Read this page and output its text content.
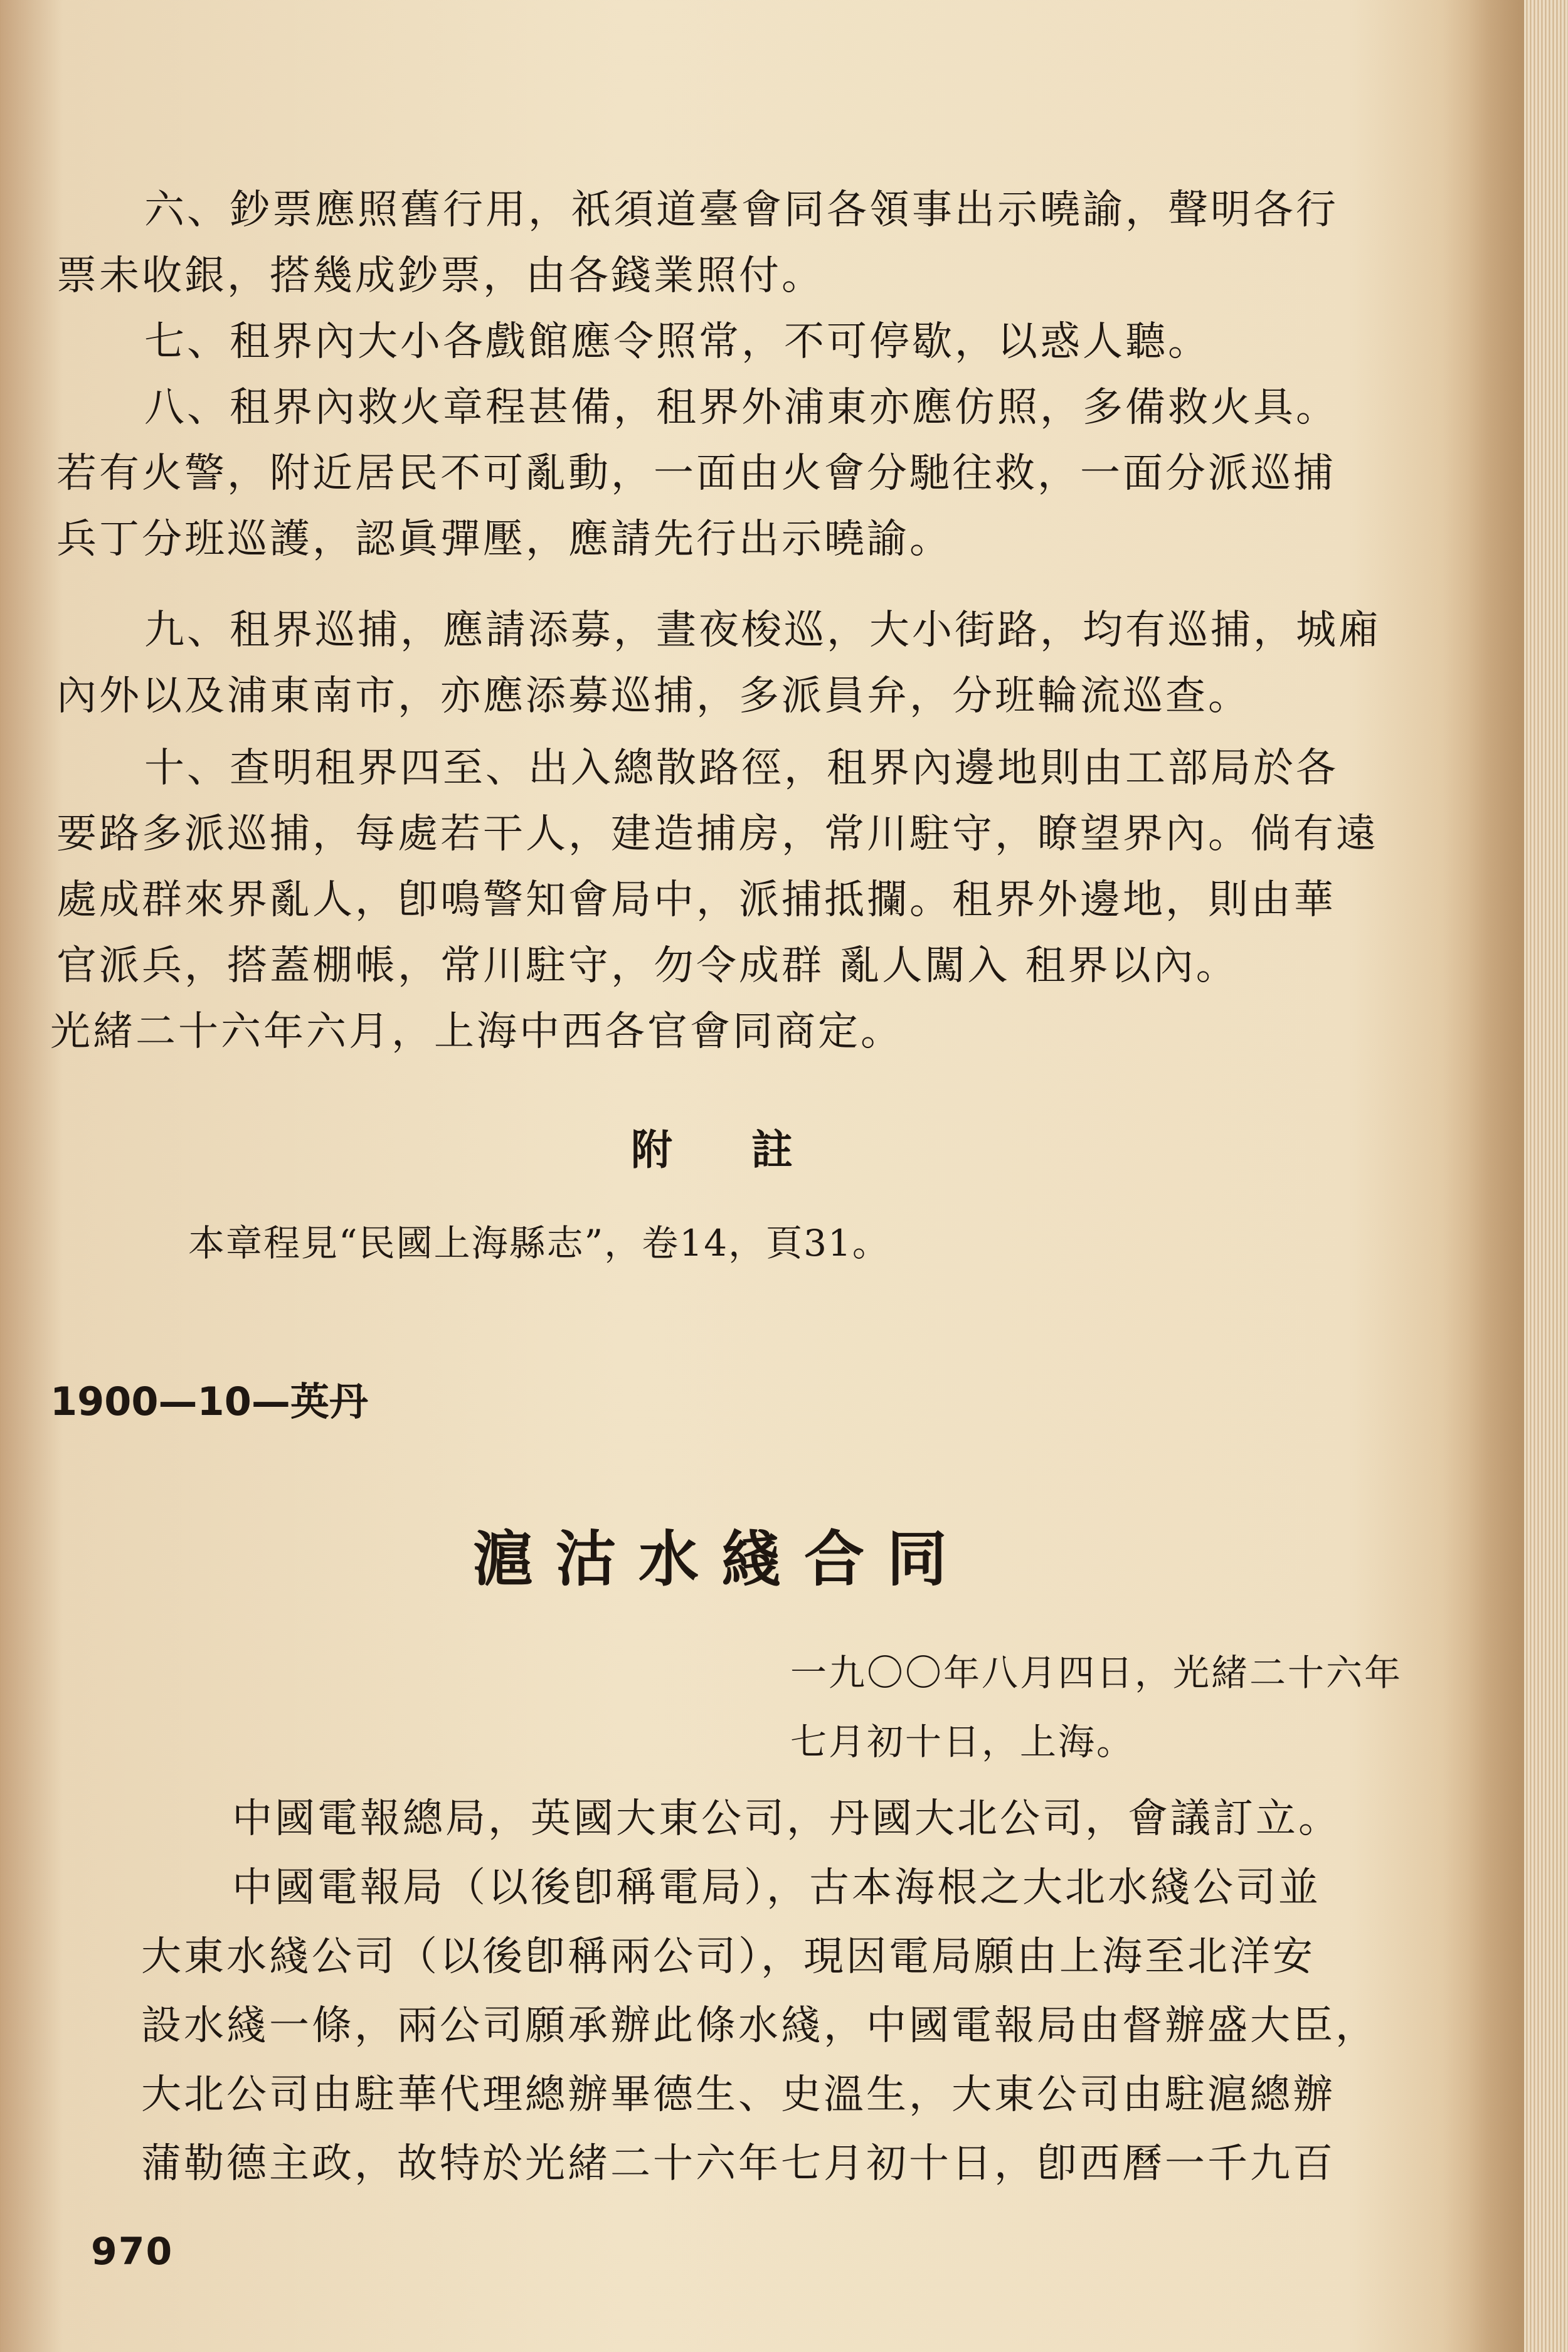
六、鈔票應照舊行用，祇須道臺會同各領事出示曉諭，聲明各行
票未收銀，搭幾成鈔票，由各錢業照付。
七、租界內大小各戲館應令照常，不可停歇，以惑人聽。
八、租界內救火章程甚備，租界外浦東亦應仿照，多備救火具。
若有火警，附近居民不可亂動，一面由火會分馳往救，一面分派巡捕
兵丁分班巡護，認眞彈壓，應請先行出示曉諭。
九、租界巡捕，應請添募，晝夜梭巡，大小街路，均有巡捕，城廂
內外以及浦東南市，亦應添募巡捕，多派員弁，分班輪流巡查。
十、查明租界四至、出入總散路徑，租界內邊地則由工部局於各
要路多派巡捕，每處若干人，建造捕房，常川駐守，瞭望界內。倘有遠
處成群來界亂人，卽鳴警知會局中，派捕抵攔。租界外邊地，則由華
官派兵，搭蓋棚帳，常川駐守，勿令成群 亂人闖入 租界以內。
光緒二十六年六月，上海中西各官會同商定。
附　註
本章程見“民國上海縣志”，卷14，頁31。
1900—10—英丹
滬沽水綫合同
一九〇〇年八月四日，光緒二十六年
七月初十日，上海。
中國電報總局，英國大東公司，丹國大北公司，會議訂立。
中國電報局（以後卽稱電局），古本海根之大北水綫公司並
大東水綫公司（以後卽稱兩公司），現因電局願由上海至北洋安
設水綫一條，兩公司願承辦此條水綫，中國電報局由督辦盛大臣，
大北公司由駐華代理總辦畢德生、史溫生，大東公司由駐滬總辦
蒲勒德主政，故特於光緒二十六年七月初十日，卽西曆一千九百
970
